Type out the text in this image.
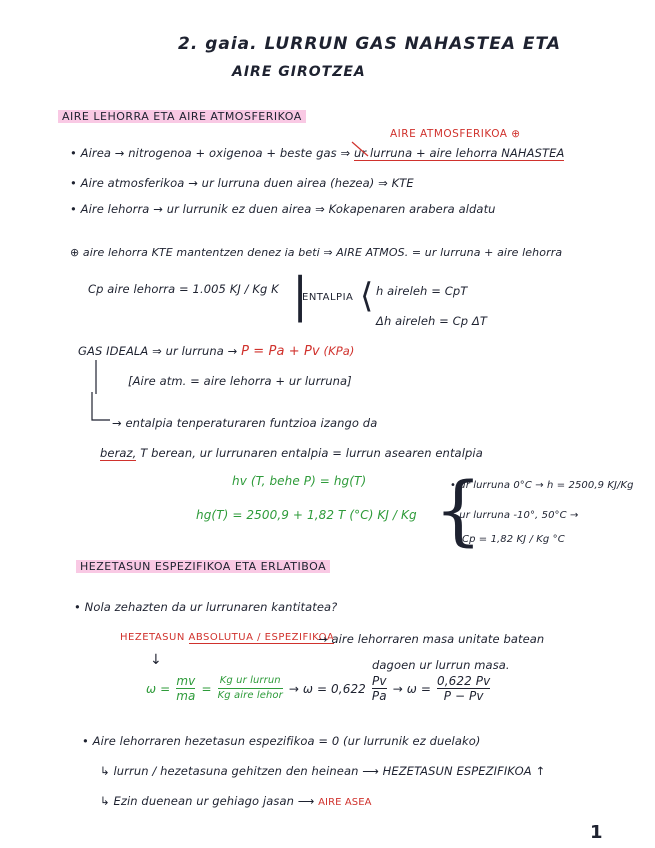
2. gaia. LURRUN GAS NAHASTEA ETA
AIRE GIROTZEA
AIRE LEHORRA ETA AIRE ATMOSFERIKOA
AIRE ATMOSFERIKOA ⊕
• Airea → nitrogenoa + oxigenoa + beste gas ⇒ ur lurruna + aire lehorra NAHASTEA
• Aire atmosferikoa → ur lurruna duen airea (hezea) ⇒ KTE
• Aire lehorra → ur lurrunik ez duen airea ⇒ Kokapenaren arabera aldatu
⊕ aire lehorra KTE mantentzen denez ia beti ⇒ AIRE ATMOS. = ur lurruna + aire lehorra
Cp aire lehorra = 1.005 KJ / Kg K |
ENTALPIA ⟨ h aireleh = CpT
Δh aireleh = Cp ΔT
GAS IDEALA ⇒ ur lurruna → P = Pa + Pv (KPa)
[Aire atm. = aire lehorra + ur lurruna]
→ entalpia tenperaturaren funtzioa izango da
beraz, T berean, ur lurrunaren entalpia = lurrun asearen entalpia
hv (T, behe P) = hg(T)
hg(T) = 2500,9 + 1,82 T (°C) KJ / Kg {
• ur lurruna 0°C → h = 2500,9 KJ/Kg
• ur lurruna -10°, 50°C →
Cp = 1,82 KJ / Kg °C
HEZETASUN ESPEZIFIKOA ETA ERLATIBOA
• Nola zehazten da ur lurrunaren kantitatea?
HEZETASUN ABSOLUTUA / ESPEZIFIKOA
→ aire lehorraren masa unitate batean
dagoen ur lurrun masa.
↓
$\omega = \frac{mv}{ma} = \frac{\text{Kg ur lurrun}}{\text{Kg aire lehor}} \to \omega = 0,622 \frac{Pv}{Pa} \to \omega = \frac{0,622 Pv}{P - Pv}$
• Aire lehorraren hezetasun espezifikoa = 0 (ur lurrunik ez duelako)
↳ lurrun / hezetasuna gehitzen den heinean ⟶ HEZETASUN ESPEZIFIKOA ↑
↳ Ezin duenean ur gehiago jasan ⟶ AIRE ASEA
1
